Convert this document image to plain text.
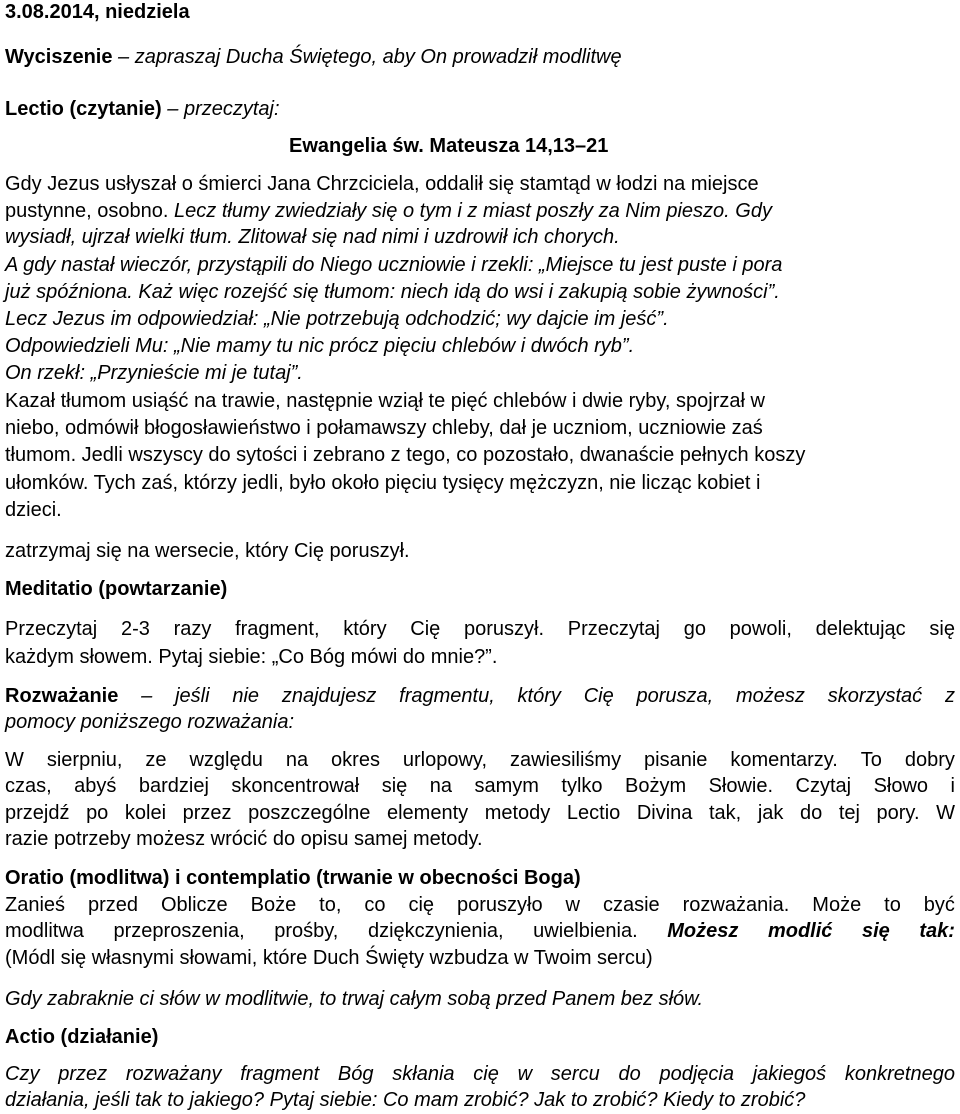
3.08.2014, niedziela
Wyciszenie – zapraszaj Ducha Świętego, aby On prowadził modlitwę
Lectio (czytanie) – przeczytaj:
Ewangelia św. Mateusza 14,13–21
Gdy Jezus usłyszał o śmierci Jana Chrzciciela, oddalił się stamtąd w łodzi na miejsce
pustynne, osobno. Lecz tłumy zwiedziały się o tym i z miast poszły za Nim pieszo. Gdy
wysiadł, ujrzał wielki tłum. Zlitował się nad nimi i uzdrowił ich chorych.
A gdy nastał wieczór, przystąpili do Niego uczniowie i rzekli: „Miejsce tu jest puste i pora
już spóźniona. Każ więc rozejść się tłumom: niech idą do wsi i zakupią sobie żywności”.
Lecz Jezus im odpowiedział: „Nie potrzebują odchodzić; wy dajcie im jeść”.
Odpowiedzieli Mu: „Nie mamy tu nic prócz pięciu chlebów i dwóch ryb”.
On rzekł: „Przynieście mi je tutaj”.
Kazał tłumom usiąść na trawie, następnie wziął te pięć chlebów i dwie ryby, spojrzał w
niebo, odmówił błogosławieństwo i połamawszy chleby, dał je uczniom, uczniowie zaś
tłumom. Jedli wszyscy do sytości i zebrano z tego, co pozostało, dwanaście pełnych koszy
ułomków. Tych zaś, którzy jedli, było około pięciu tysięcy mężczyzn, nie licząc kobiet i
dzieci.
zatrzymaj się na wersecie, który Cię poruszył.
Meditatio (powtarzanie)
Przeczytaj 2-3 razy fragment, który Cię poruszył. Przeczytaj go powoli, delektując się
każdym słowem. Pytaj siebie: „Co Bóg mówi do mnie?”.
Rozważanie – jeśli nie znajdujesz fragmentu, który Cię porusza, możesz skorzystać z
pomocy poniższego rozważania:
W sierpniu, ze względu na okres urlopowy, zawiesiliśmy pisanie komentarzy. To dobry
czas, abyś bardziej skoncentrował się na samym tylko Bożym Słowie. Czytaj Słowo i
przejdź po kolei przez poszczególne elementy metody Lectio Divina tak, jak do tej pory. W
razie potrzeby możesz wrócić do opisu samej metody.
Oratio (modlitwa) i contemplatio (trwanie w obecności Boga)
Zanieś przed Oblicze Boże to, co cię poruszyło w czasie rozważania. Może to być
modlitwa przeproszenia, prośby, dziękczynienia, uwielbienia. Możesz modlić się tak:
(Módl się własnymi słowami, które Duch Święty wzbudza w Twoim sercu)
Gdy zabraknie ci słów w modlitwie, to trwaj całym sobą przed Panem bez słów.
Actio (działanie)
Czy przez rozważany fragment Bóg skłania cię w sercu do podjęcia jakiegoś konkretnego
działania, jeśli tak to jakiego? Pytaj siebie: Co mam zrobić? Jak to zrobić? Kiedy to zrobić?
